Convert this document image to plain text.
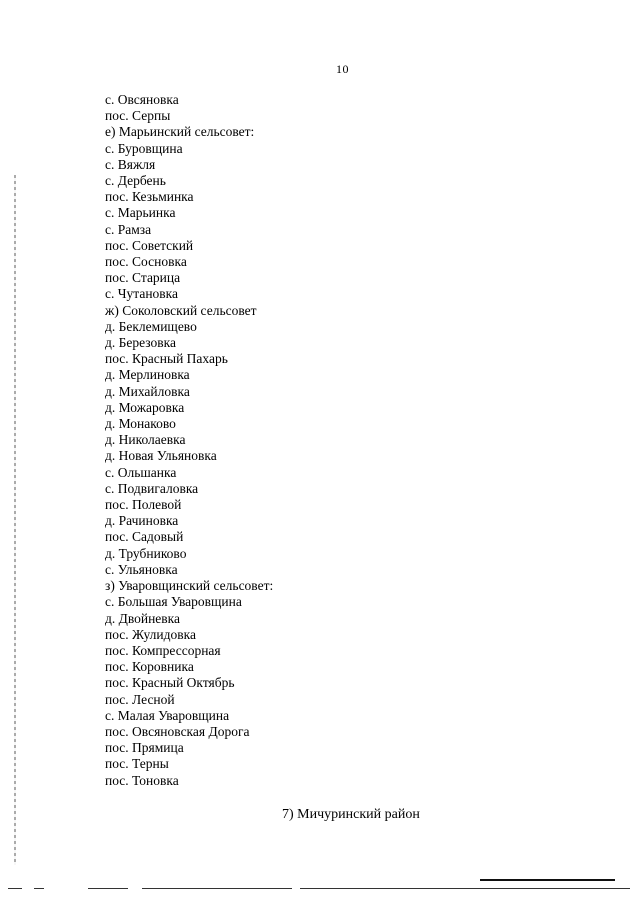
10
с. Овсяновка
пос. Серпы
е) Марьинский сельсовет:
с. Буровщина
с. Вяжля
с. Дербень
пос. Кезьминка
с. Марьинка
с. Рамза
пос. Советский
пос. Сосновка
пос. Старица
с. Чутановка
ж) Соколовский сельсовет
д. Беклемищево
д. Березовка
пос. Красный Пахарь
д. Мерлиновка
д. Михайловка
д. Можаровка
д. Монаково
д. Николаевка
д. Новая Ульяновка
с. Ольшанка
с. Подвигаловка
пос. Полевой
д. Рачиновка
пос. Садовый
д. Трубниково
с. Ульяновка
з) Уваровщинский сельсовет:
с. Большая Уваровщина
д. Двойневка
пос. Жулидовка
пос. Компрессорная
пос. Коровника
пос. Красный Октябрь
пос. Лесной
с. Малая Уваровщина
пос. Овсяновская Дорога
пос. Прямица
пос. Терны
пос. Тоновка
7) Мичуринский район
